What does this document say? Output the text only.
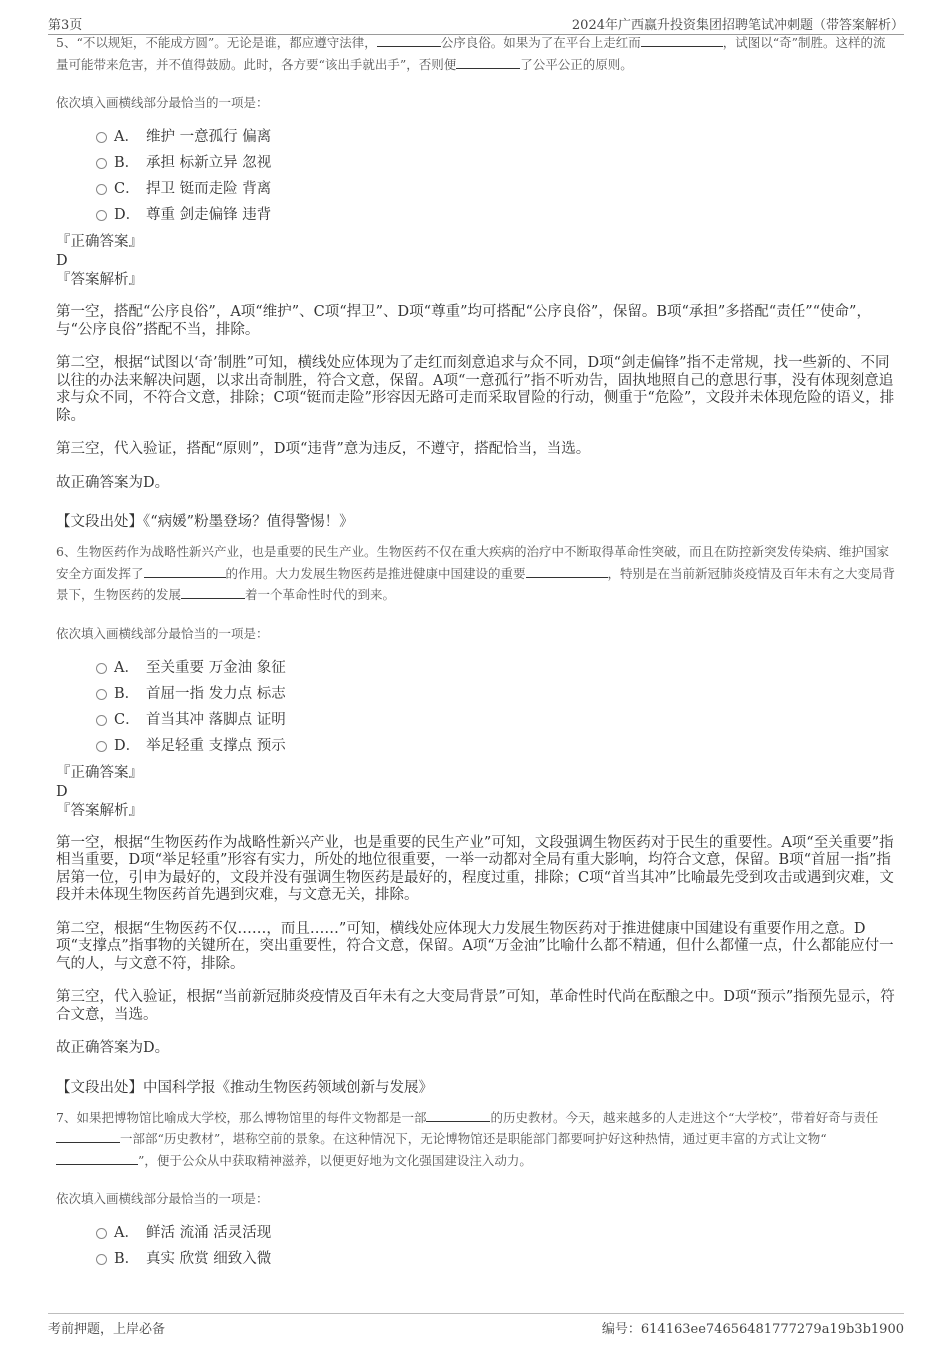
第3页	2024年广西嬴升投资集团招聘笔试冲刺题（带答案解析）

5、“不以规矩，不能成方圆”。无论是谁，都应遵守法律，	公序良俗。如果为了在平台上走红而	，试图以“奇”制胜。这样的流量可能带来危害，并不值得鼓励。此时，各方要“该出手就出手”，否则便	了公平公正的原则。

依次填入画横线部分最恰当的一项是：

A． 维护 一意孤行 偏离
B． 承担 标新立异 忽视
C． 捍卫 铤而走险 背离
D． 尊重 剑走偏锋 违背

『正确答案』

D

『答案解析』

第一空，搭配“公序良俗”，A项“维护”、C项“捍卫”、D项“尊重”均可搭配“公序良俗”，保留。B项“承担”多搭配“责任”“使命”，与“公序良俗”搭配不当，排除。

第二空，根据“试图以‘奇’制胜”可知，横线处应体现为了走红而刻意追求与众不同，D项“剑走偏锋”指不走常规，找一些新的、不同以往的办法来解决问题，以求出奇制胜，符合文意，保留。A项“一意孤行”指不听劝告，固执地照自己的意思行事，没有体现刻意追求与众不同，不符合文意，排除；C项“铤而走险”形容因无路可走而采取冒险的行动，侧重于“危险”，文段并未体现危险的语义，排除。

第三空，代入验证，搭配“原则”，D项“违背”意为违反，不遵守，搭配恰当，当选。

故正确答案为D。

【文段出处】《“病媛”粉墨登场？值得警惕！》

6、生物医药作为战略性新兴产业，也是重要的民生产业。生物医药不仅在重大疾病的治疗中不断取得革命性突破，而且在防控新突发传染病、维护国家安全方面发挥了	的作用。大力发展生物医药是推进健康中国建设的重要	，特别是在当前新冠肺炎疫情及百年未有之大变局背景下，生物医药的发展	着一个革命性时代的到来。

依次填入画横线部分最恰当的一项是：

A． 至关重要 万金油 象征
B． 首屈一指 发力点 标志
C． 首当其冲 落脚点 证明
D． 举足轻重 支撑点 预示

『正确答案』

D

『答案解析』

第一空，根据“生物医药作为战略性新兴产业，也是重要的民生产业”可知，文段强调生物医药对于民生的重要性。A项“至关重要”指相当重要，D项“举足轻重”形容有实力，所处的地位很重要，一举一动都对全局有重大影响，均符合文意，保留。B项“首屈一指”指居第一位，引申为最好的，文段并没有强调生物医药是最好的，程度过重，排除；C项“首当其冲”比喻最先受到攻击或遇到灾难，文段并未体现生物医药首先遇到灾难，与文意无关，排除。

第二空，根据“生物医药不仅……，而且……”可知，横线处应体现大力发展生物医药对于推进健康中国建设有重要作用之意。D项“支撑点”指事物的关键所在，突出重要性，符合文意，保留。A项“万金油”比喻什么都不精通，但什么都懂一点，什么都能应付一气的人，与文意不符，排除。

第三空，代入验证，根据“当前新冠肺炎疫情及百年未有之大变局背景”可知，革命性时代尚在酝酿之中。D项“预示”指预先显示，符合文意，当选。

故正确答案为D。

【文段出处】中国科学报《推动生物医药领域创新与发展》

7、如果把博物馆比喻成大学校，那么博物馆里的每件文物都是一部	的历史教材。今天，越来越多的人走进这个“大学校”，带着好奇与责任一部部“历史教材”，堪称空前的景象。在这种情况下，无论博物馆还是职能部门都要呵护好这种热情，通过更丰富的方式让文物“”，便于公众从中获取精神滋养，以便更好地为文化强国建设注入动力。

依次填入画横线部分最恰当的一项是：

A． 鲜活 流涌 活灵活现
B． 真实 欣赏 细致入微
考前押题，上岸必备	编号：614163ee74656481777279a19b3b1900
